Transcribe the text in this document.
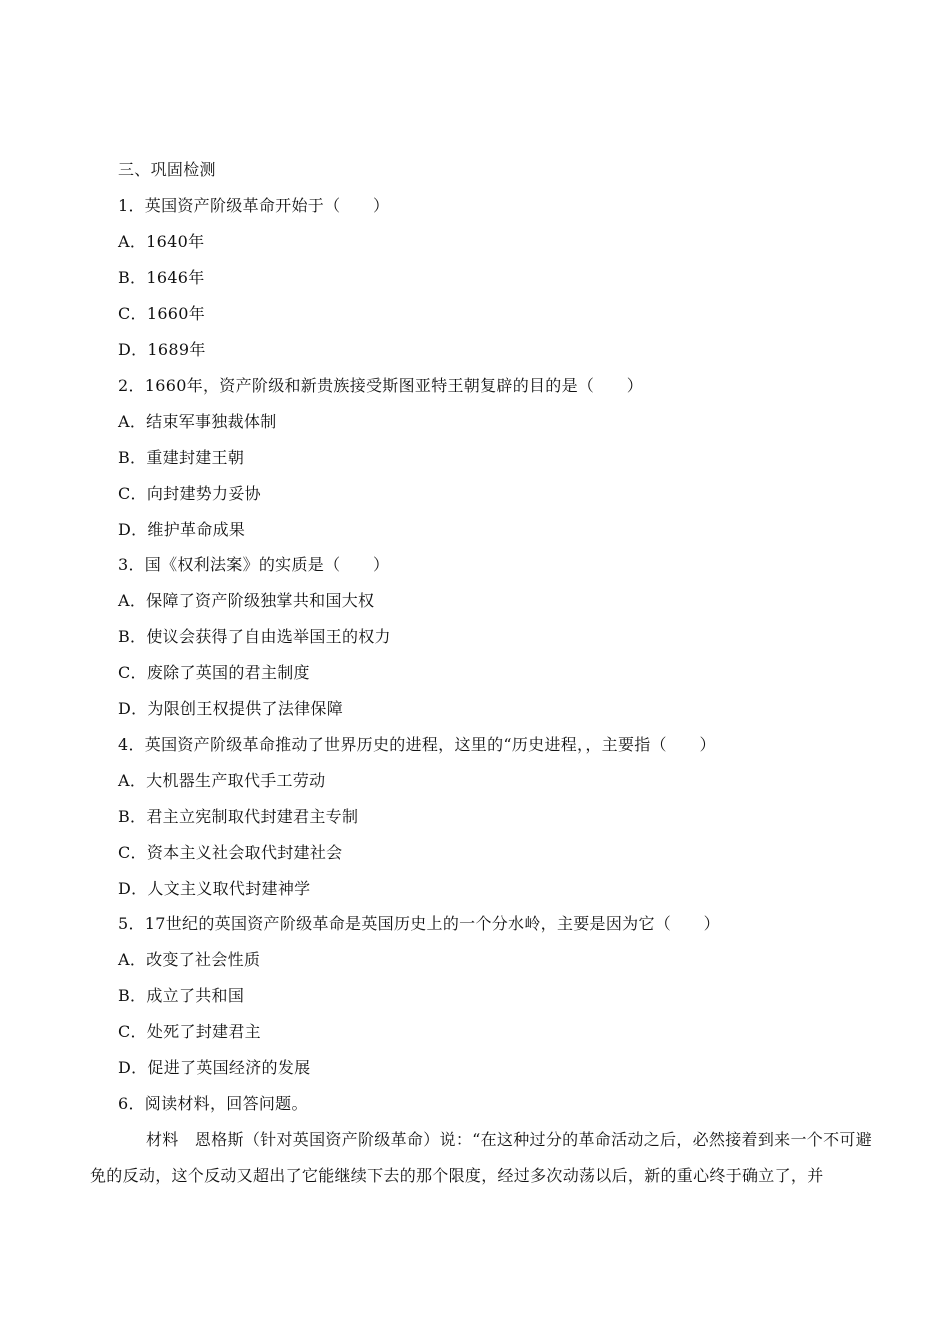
三、巩固检测
1．英国资产阶级革命开始于（　　）
A．1640年
B．1646年
C．1660年
D．1689年
2．1660年，资产阶级和新贵族接受斯图亚特王朝复辟的目的是（　　）
A．结束军事独裁体制
B．重建封建王朝
C．向封建势力妥协
D．维护革命成果
3．国《权利法案》的实质是（　　）
A．保障了资产阶级独掌共和国大权
B．使议会获得了自由选举国王的权力
C．废除了英国的君主制度
D．为限创王权提供了法律保障
4．英国资产阶级革命推动了世界历史的进程，这里的“历史进程，，主要指（　　）
A．大机器生产取代手工劳动
B．君主立宪制取代封建君主专制
C．资本主义社会取代封建社会
D．人文主义取代封建神学
5．17世纪的英国资产阶级革命是英国历史上的一个分水岭，主要是因为它（　　）
A．改变了社会性质
B．成立了共和国
C．处死了封建君主
D．促进了英国经济的发展
6．阅读材料，回答问题。
材料　恩格斯（针对英国资产阶级革命）说：“在这种过分的革命活动之后，必然接着到来一个不可避免的反动，这个反动又超出了它能继续下去的那个限度，经过多次动荡以后，新的重心终于确立了，并
